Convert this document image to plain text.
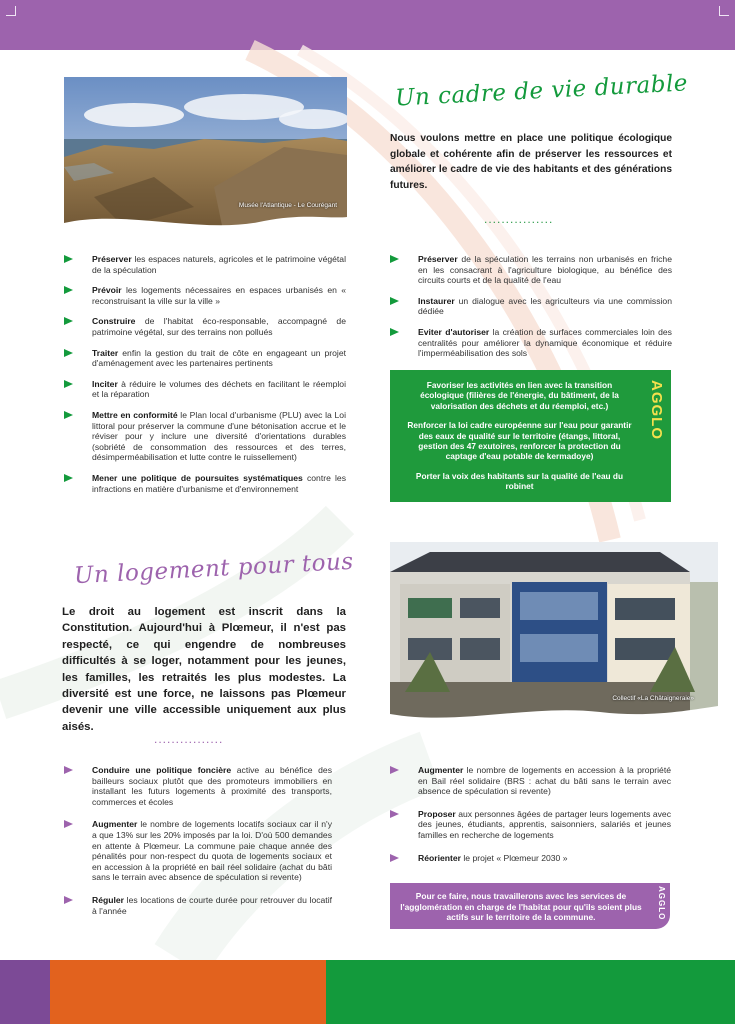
Musée l'Atlantique - Le Courégant
Un cadre de vie durable
Nous voulons mettre en place une politique écologique globale et cohérente afin de préserver les ressources et améliorer le cadre de vie des habitants et des générations futures.
................
Préserver les espaces naturels, agricoles et le patrimoine végétal de la spéculation
Prévoir les logements nécessaires en espaces urbanisés en « reconstruisant la ville sur la ville »
Construire de l'habitat éco-responsable, accompagné de patrimoine végétal, sur des terrains non pollués
Traiter enfin la gestion du trait de côte en engageant un projet d'aménagement avec les partenaires pertinents
Inciter à réduire le volumes des déchets en facilitant le réemploi et la réparation
Mettre en conformité le Plan local d'urbanisme (PLU) avec la Loi littoral pour préserver la commune d'une bétonisation accrue et le réviser pour y inclure une diversité d'orientations durables (sobriété de consommation des ressources et des terres, désimperméabilisation et lutte contre le ruissellement)
Mener une politique de poursuites systématiques contre les infractions en matière d'urbanisme et d'environnement
Préserver de la spéculation les terrains non urbanisés en friche en les consacrant à l'agriculture biologique, au bénéfice des circuits courts et de la qualité de l'eau
Instaurer un dialogue avec les agriculteurs via une commission dédiée
Eviter d'autoriser la création de surfaces commerciales loin des centralités pour améliorer la dynamique économique et réduire l'imperméabilisation des sols

Favoriser les activités en lien avec la transition écologique (filières de l'énergie, du bâtiment, de la valorisation des déchets et du réemploi, etc.)

Renforcer la loi cadre européenne sur l'eau pour garantir des eaux de qualité sur le territoire (étangs, littoral, gestion des 47 exutoires, renforcer la protection du captage d'eau potable de kermadoye)

Porter la voix des habitants sur la qualité de l'eau du robinet

AGGLO
Un logement pour tous
Le droit au logement est inscrit dans la Constitution. Aujourd'hui à Plœmeur, il n'est pas respecté, ce qui engendre de nombreuses difficultés à se loger, notamment pour les jeunes, les familles, les retraités les plus modestes. La diversité est une force, ne laissons pas Plœmeur devenir une ville accessible uniquement aux plus aisés.
................
Collectif «La Châtaigneraie»
Conduire une politique foncière active au bénéfice des bailleurs sociaux plutôt que des promoteurs immobiliers en installant les futurs logements à proximité des transports, commerces et écoles
Augmenter le nombre de logements locatifs sociaux car il n'y a que 13% sur les 20% imposés par la loi. D'où 500 demandes en attente à Plœmeur. La commune paie chaque année des pénalités pour non-respect du quota de logements sociaux et en accession à la propriété en bail réel solidaire (achat du bâti sans le terrain avec absence de spéculation si revente)
Réguler les locations de courte durée pour retrouver du locatif à l'année
Augmenter le nombre de logements en accession à la propriété en Bail réel solidaire (BRS : achat du bâti sans le terrain avec absence de spéculation si revente)
Proposer aux personnes âgées de partager leurs logements avec des jeunes, étudiants, apprentis, saisonniers, salariés et jeunes familles en recherche de logements
Réorienter le projet « Plœmeur 2030 »
Pour ce faire, nous travaillerons avec les services de l'agglomération en charge de l'habitat pour qu'ils soient plus actifs sur le territoire de la commune.	AGGLO
